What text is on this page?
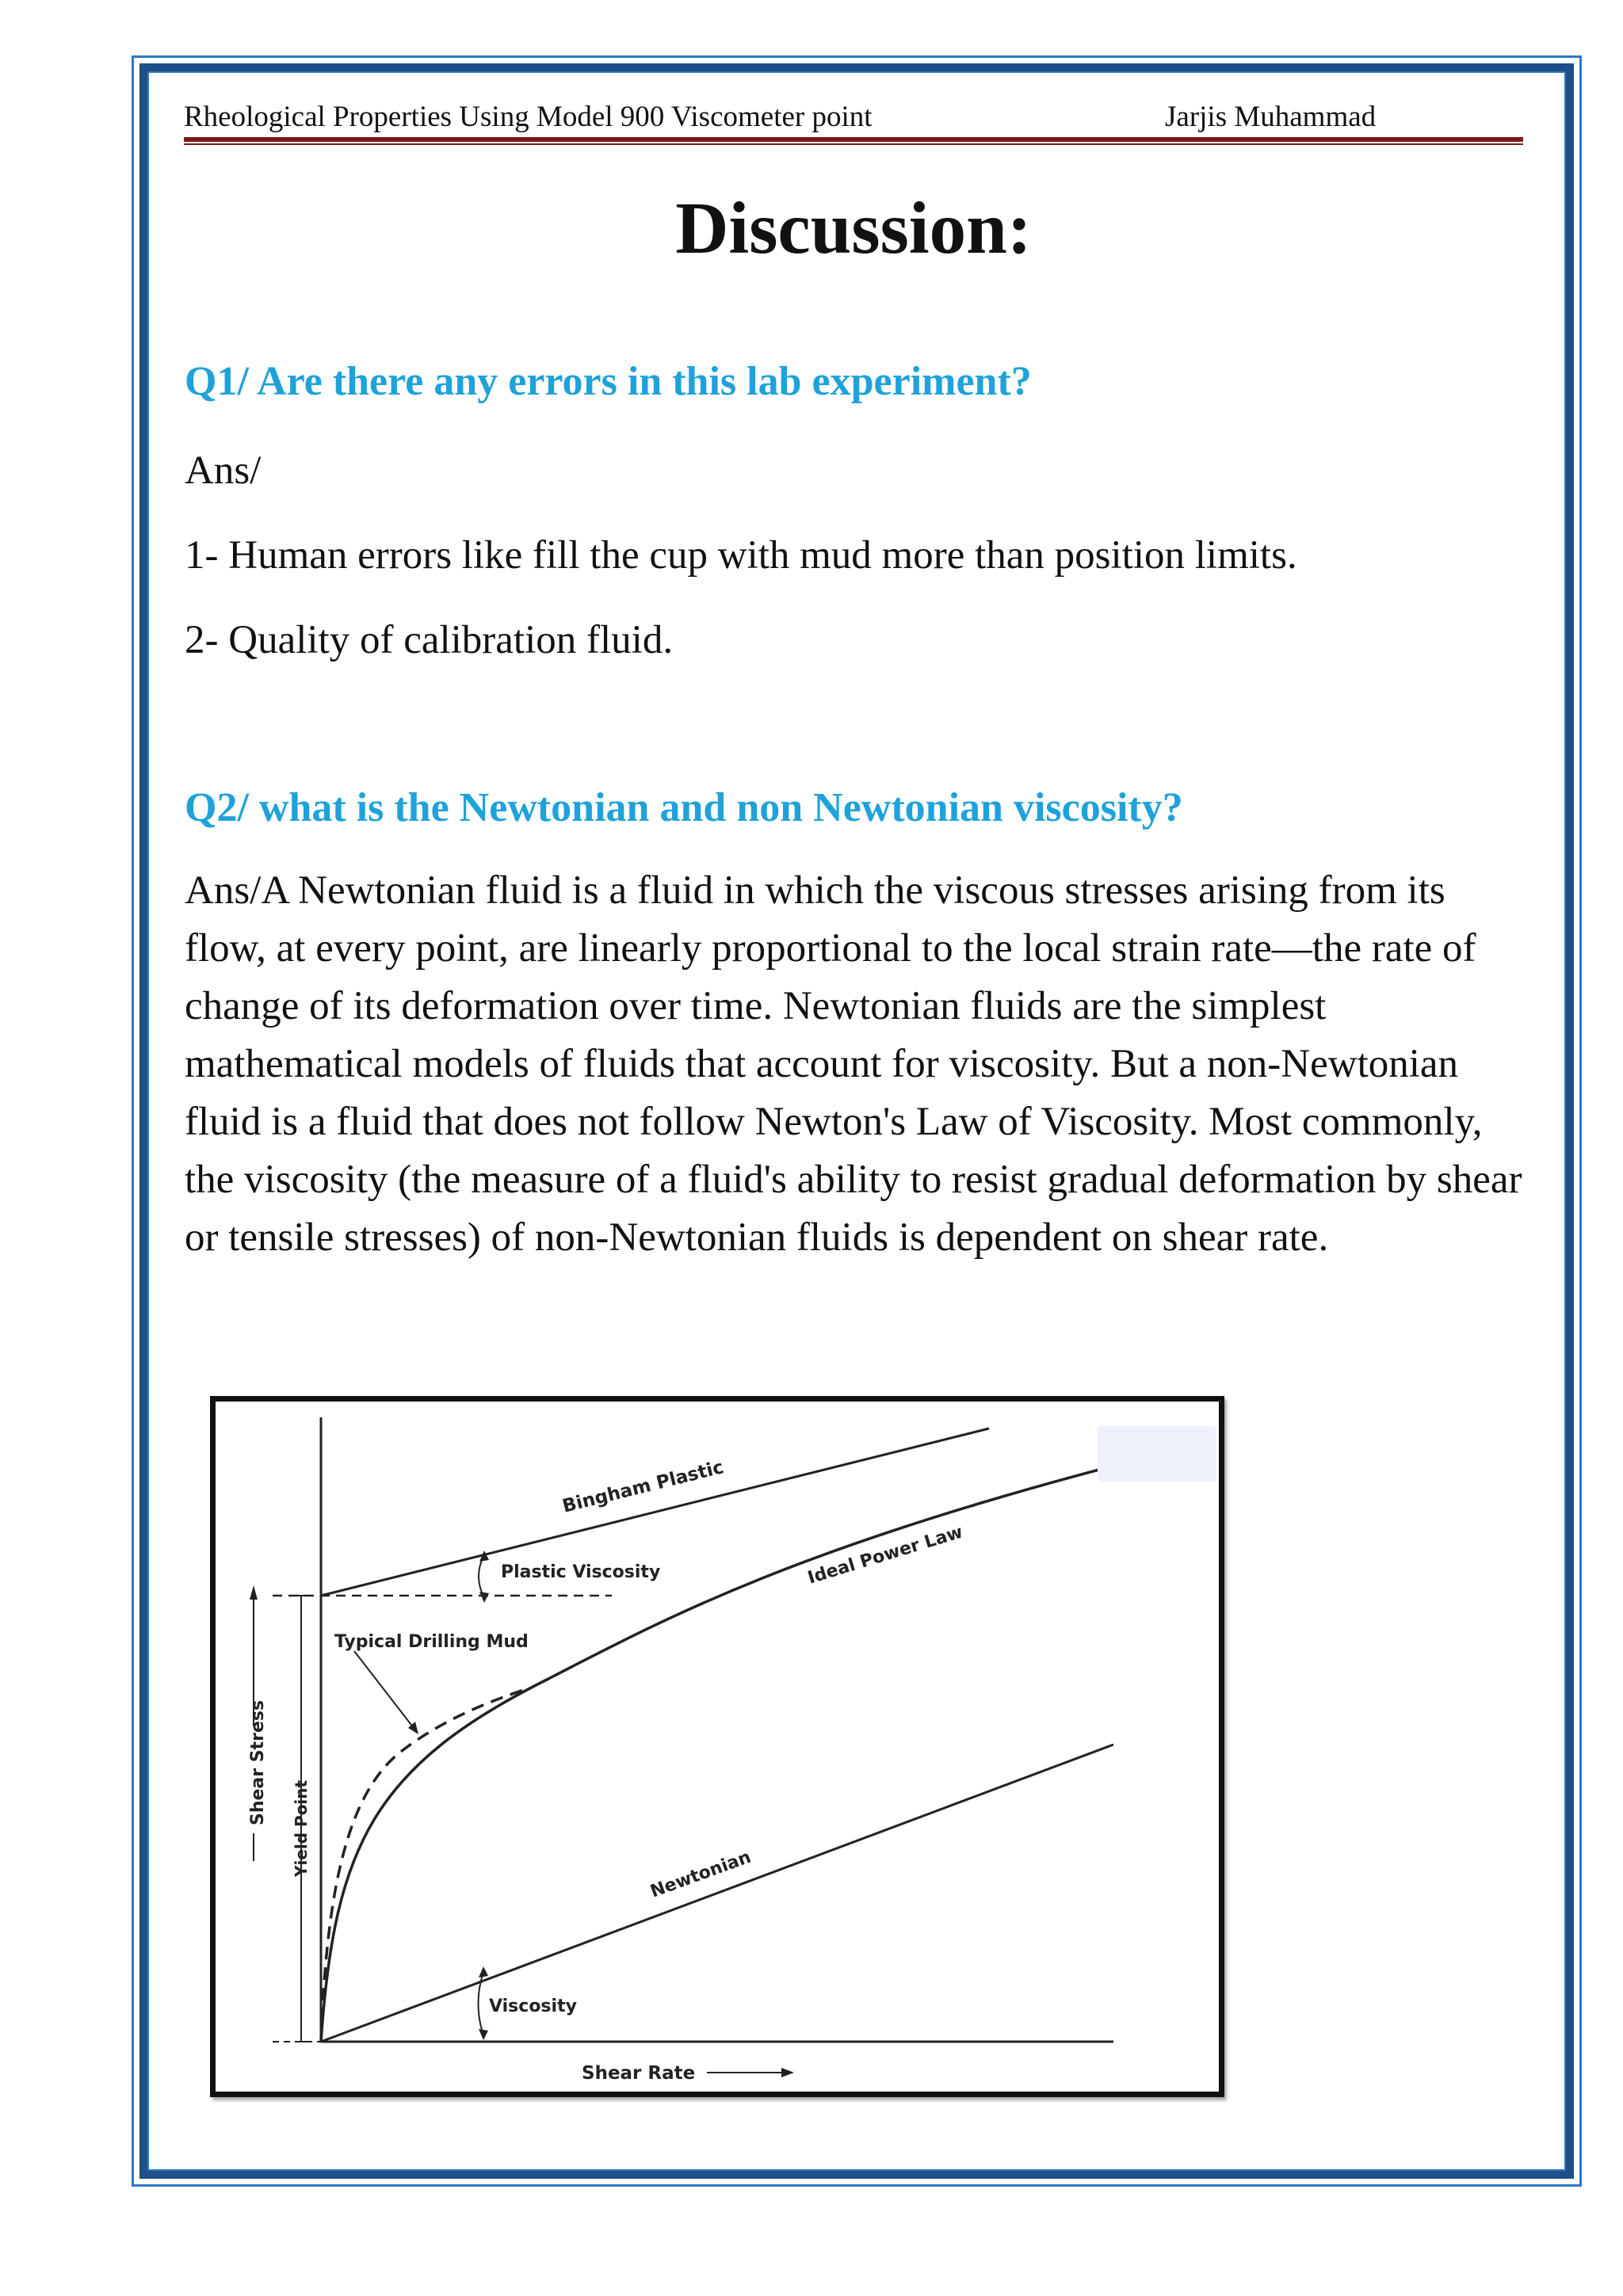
Rheological Properties Using Model 900 Viscometer point	Jarjis Muhammad
Discussion:

Q1/ Are there any errors in this lab experiment?

Ans/

1- Human errors like fill the cup with mud more than position limits.

2- Quality of calibration fluid.

Q2/ what is the Newtonian and non Newtonian viscosity?

Ans/A Newtonian fluid is a fluid in which the viscous stresses arising from its flow, at every point, are linearly proportional to the local strain rate—the rate of change of its deformation over time. Newtonian fluids are the simplest mathematical models of fluids that account for viscosity. But a non-Newtonian fluid is a fluid that does not follow Newton's Law of Viscosity. Most commonly, the viscosity (the measure of a fluid's ability to resist gradual deformation by shear or tensile stresses) of non-Newtonian fluids is dependent on shear rate.

Bingham Plastic
Plastic Viscosity	Ideal Power Law
Typical Drilling Mud
Newtonian
Viscosity
Shear Stress
Yield Point
Shear Rate
